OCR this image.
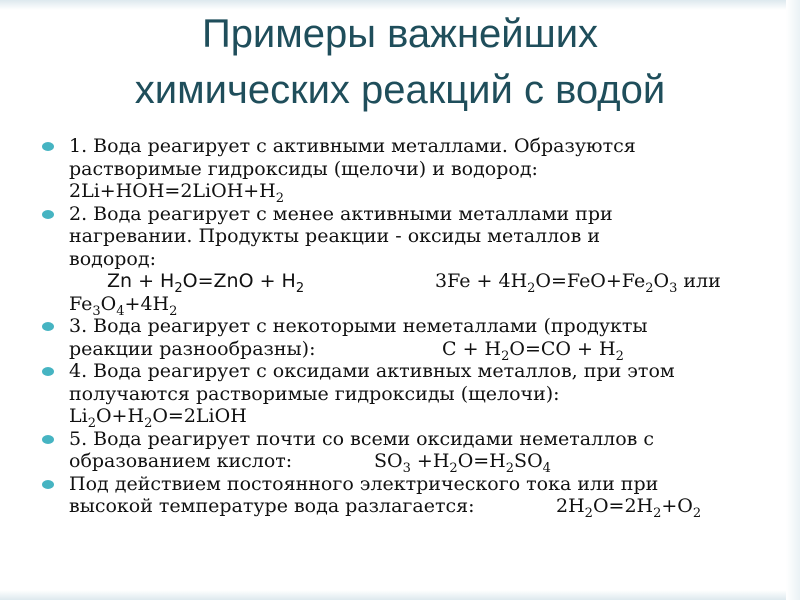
Примеры важнейших
химических реакций с водой
1. Вода реагирует с активными металлами. Образуются
растворимые гидроксиды (щелочи) и водород:
$2Li+HOH=2LiOH+H_2$
2. Вода реагирует с менее активными металлами при
нагревании. Продукты реакции - оксиды металлов и
водород:
$Zn + H_2O=ZnO + H_2$	$3Fe + 4H_2O=FeO+Fe_2O_3$ или
$Fe_3O_4+4H_2$
3. Вода реагирует с некоторыми неметаллами (продукты
реакции разнообразны):	$C + H_2O=CO + H_2$
4. Вода реагирует с оксидами активных металлов, при этом
получаются растворимые гидроксиды (щелочи):
$Li_2O+H_2O=2LiOH$
5. Вода реагирует почти со всеми оксидами неметаллов с
образованием кислот:	$SO_3 +H_2O=H_2SO_4$
Под действием постоянного электрического тока или при
высокой температуре вода разлагается:	$2H_2O=2H_2+O_2$
